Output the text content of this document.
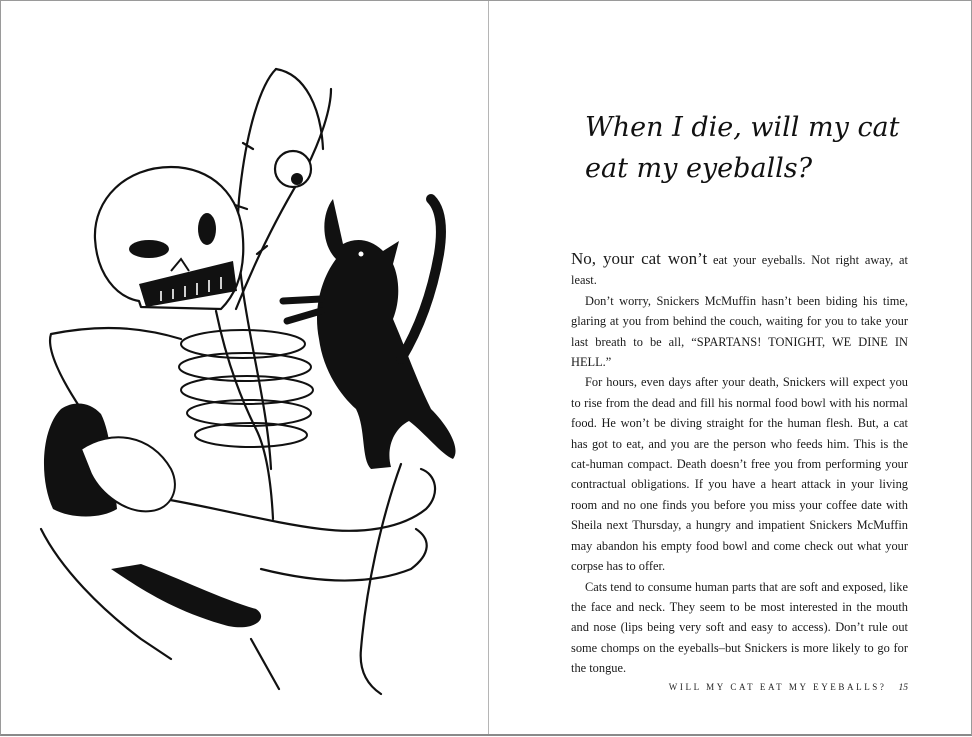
When I die, will my cat
eat my eyeballs?

No, your cat won’t eat your eyeballs. Not right away, at least.

Don’t worry, Snickers McMuffin hasn’t been biding his time, glaring at you from behind the couch, waiting for you to take your last breath to be all, “SPARTANS! TONIGHT, WE DINE IN HELL.”

For hours, even days after your death, Snickers will expect you to rise from the dead and fill his normal food bowl with his normal food. He won’t be diving straight for the human flesh. But, a cat has got to eat, and you are the person who feeds him. This is the cat-human compact. Death doesn’t free you from performing your contractual obligations. If you have a heart attack in your living room and no one finds you before you miss your coffee date with Sheila next Thursday, a hungry and impatient Snickers McMuffin may abandon his empty food bowl and come check out what your corpse has to offer.

Cats tend to consume human parts that are soft and exposed, like the face and neck. They seem to be most interested in the mouth and nose (lips being very soft and easy to access). Don’t rule out some chomps on the eyeballs–but Snickers is more likely to go for the tongue.

WILL MY CAT EAT MY EYEBALLS? 15
